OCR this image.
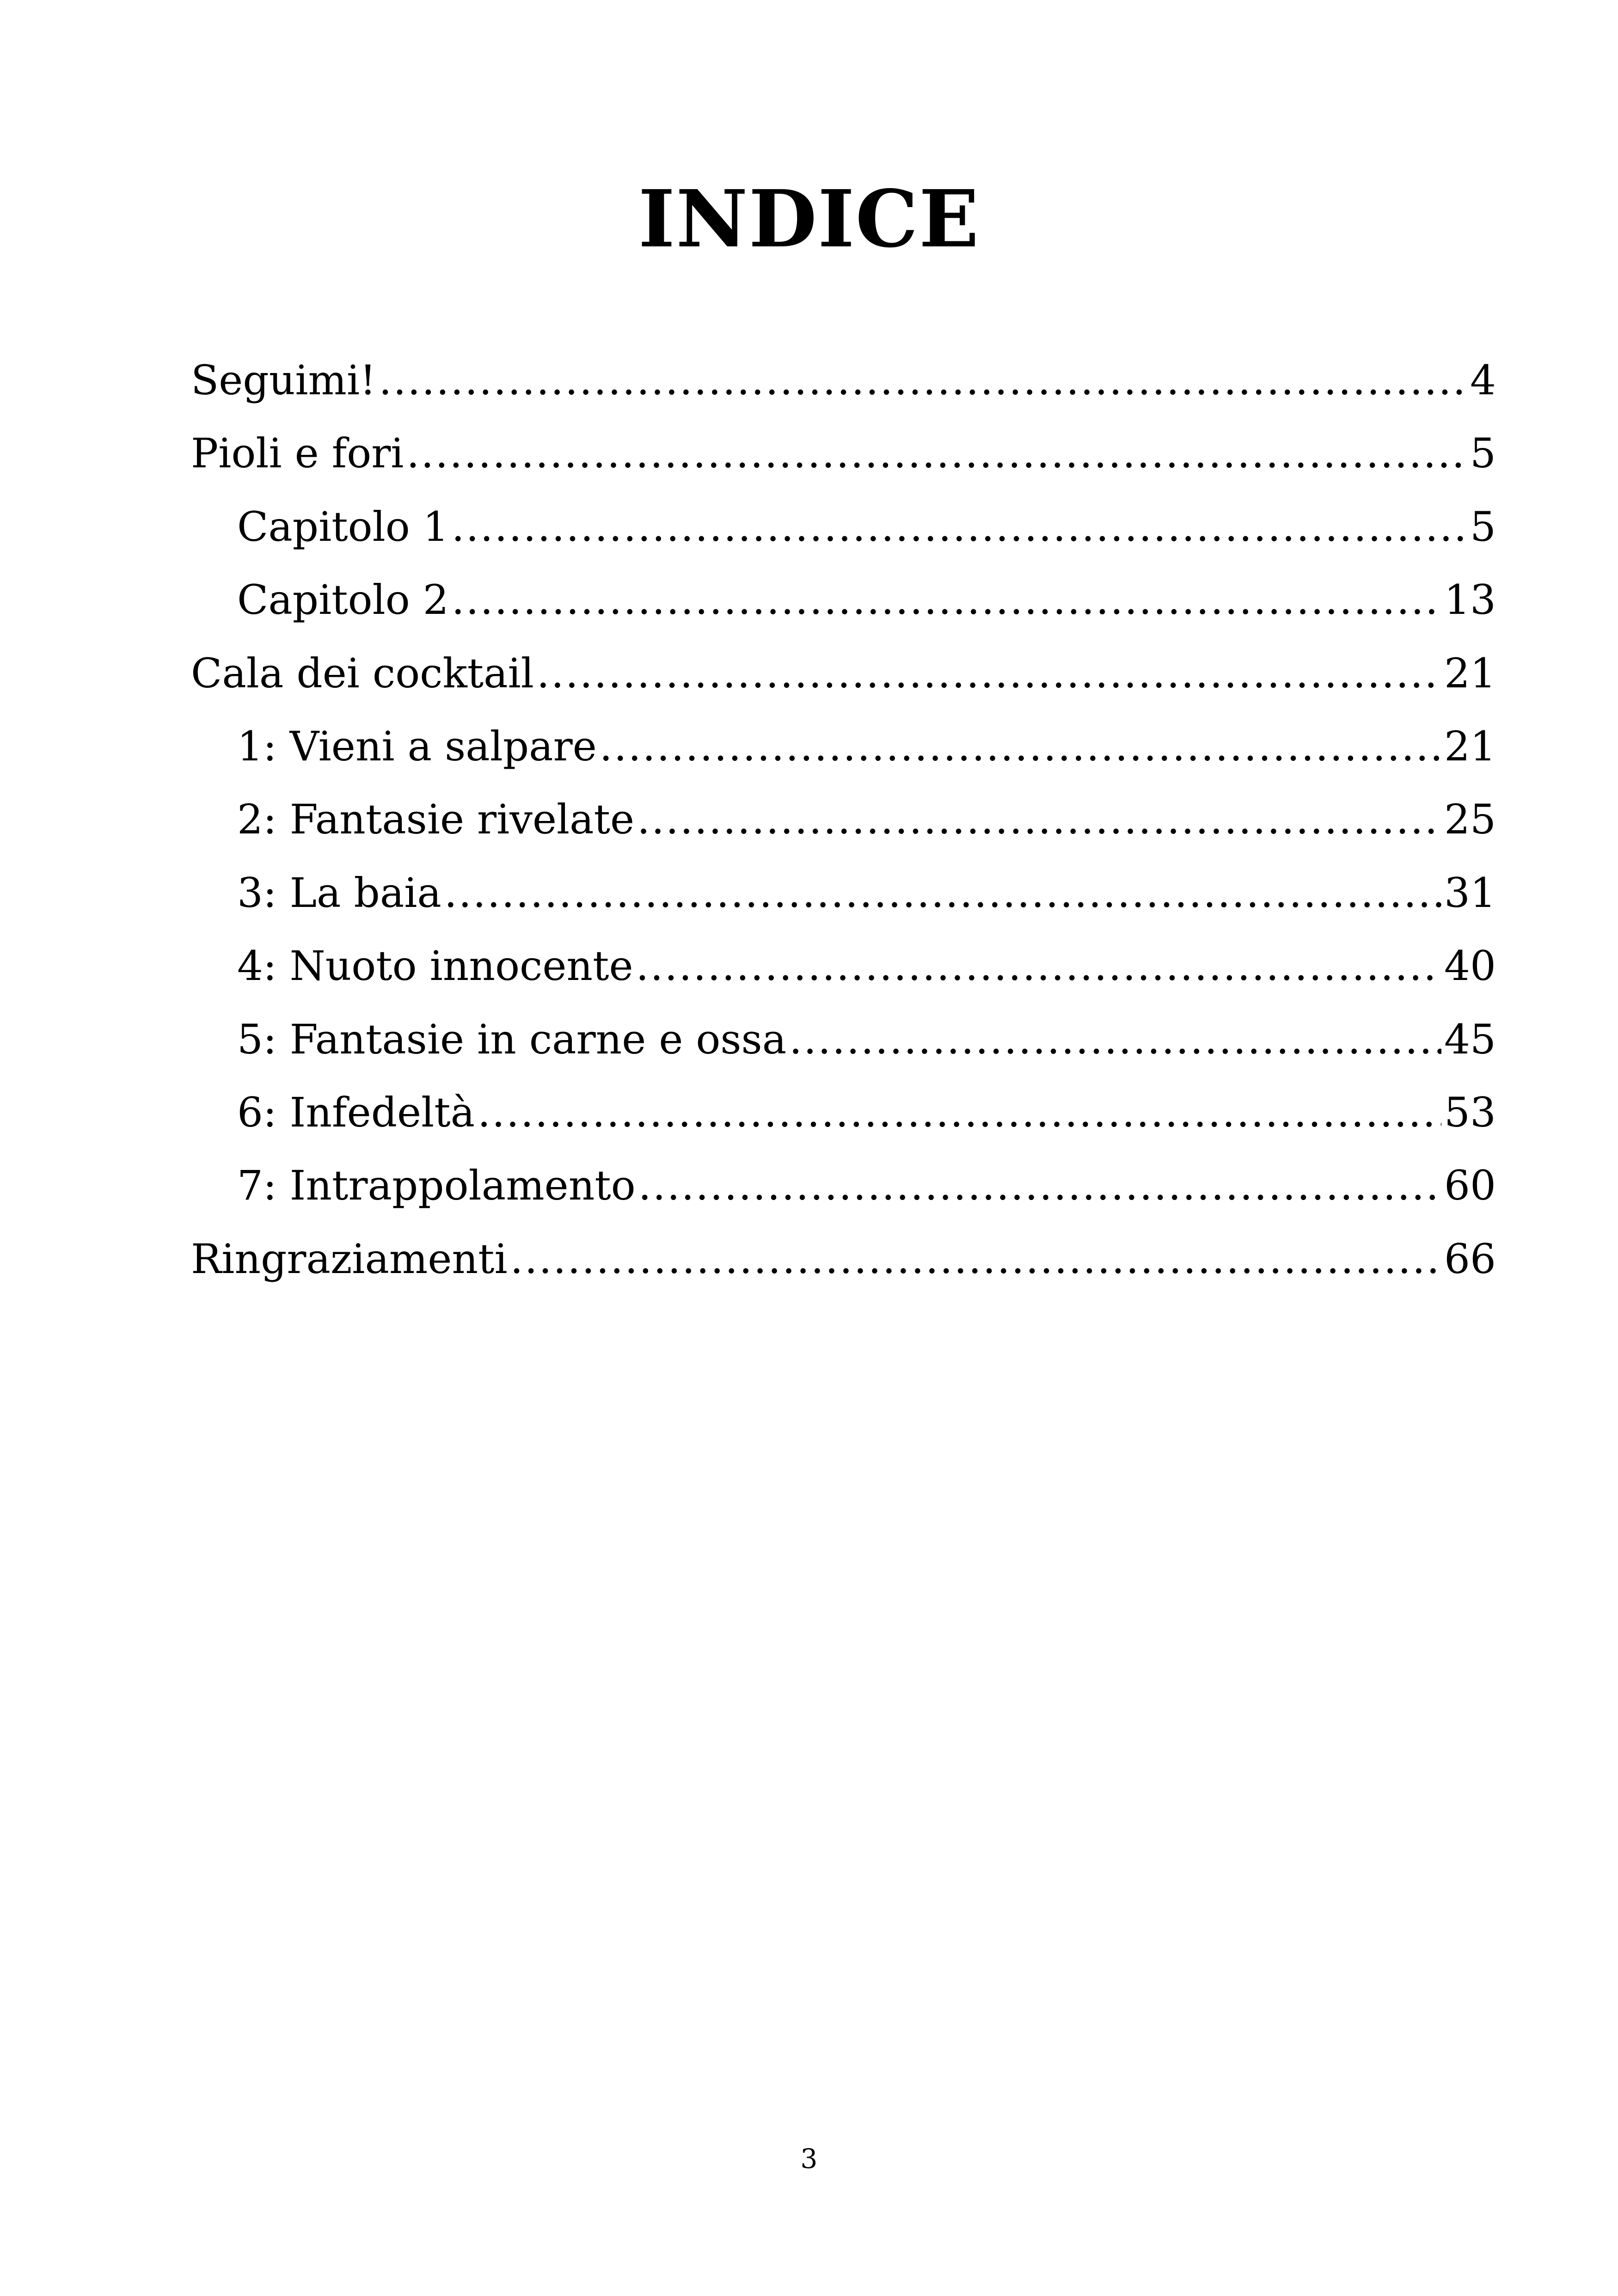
INDICE
Seguimi! .....	4
Pioli e fori .....	5
Capitolo 1 .....	5
Capitolo 2 .....	13
Cala dei cocktail .....	21
1: Vieni a salpare .....	21
2: Fantasie rivelate .....	25
3: La baia .....	31
4: Nuoto innocente .....	40
5: Fantasie in carne e ossa .....	45
6: Infedeltà .....	53
7: Intrappolamento .....	60
Ringraziamenti .....	66
3
